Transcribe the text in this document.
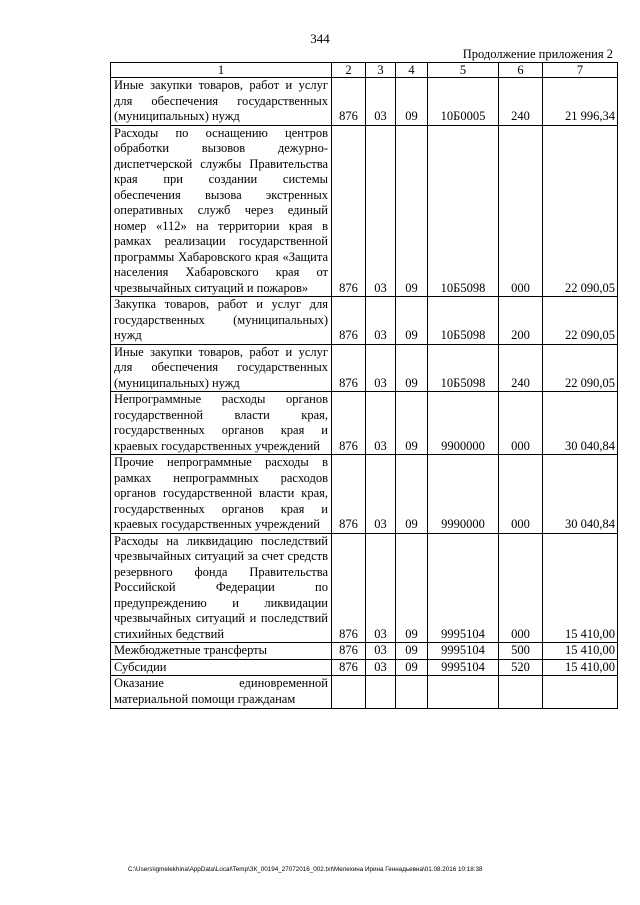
344
Продолжение приложения 2
1	2	3	4	5	6	7
Иные закупки товаров, работ и услуг для обеспечения государственных (муниципальных) нужд	876	03	09	10Б0005	240	21 996,34
Расходы по оснащению центров обработки вызовов дежурно-диспетчерской службы Правительства края при создании системы обеспечения вызова экстренных оперативных служб через единый номер «112» на территории края в рамках реализации государственной программы Хабаровского края «Защита населения Хабаровского края от чрезвычайных ситуаций и пожаров»	876	03	09	10Б5098	000	22 090,05
Закупка товаров, работ и услуг для государственных (муниципальных) нужд	876	03	09	10Б5098	200	22 090,05
Иные закупки товаров, работ и услуг для обеспечения государственных (муниципальных) нужд	876	03	09	10Б5098	240	22 090,05
Непрограммные расходы органов государственной власти края, государственных органов края и краевых государственных учреждений	876	03	09	9900000	000	30 040,84
Прочие непрограммные расходы в рамках непрограммных расходов органов государственной власти края, государственных органов края и краевых государственных учреждений	876	03	09	9990000	000	30 040,84
Расходы на ликвидацию последствий чрезвычайных ситуаций за счет средств резервного фонда Правительства Российской Федерации по предупреждению и ликвидации чрезвычайных ситуаций и последствий стихийных бедствий	876	03	09	9995104	000	15 410,00
Межбюджетные трансферты	876	03	09	9995104	500	15 410,00
Субсидии	876	03	09	9995104	520	15 410,00
Оказание единовременной материальной помощи гражданам						
C:\Users\igmelekhina\AppData\Local\Temp\ЗК_00194_27072016_002.txt\Мелехина Ирина Геннадьевна\01.08.2016 10:18:38
